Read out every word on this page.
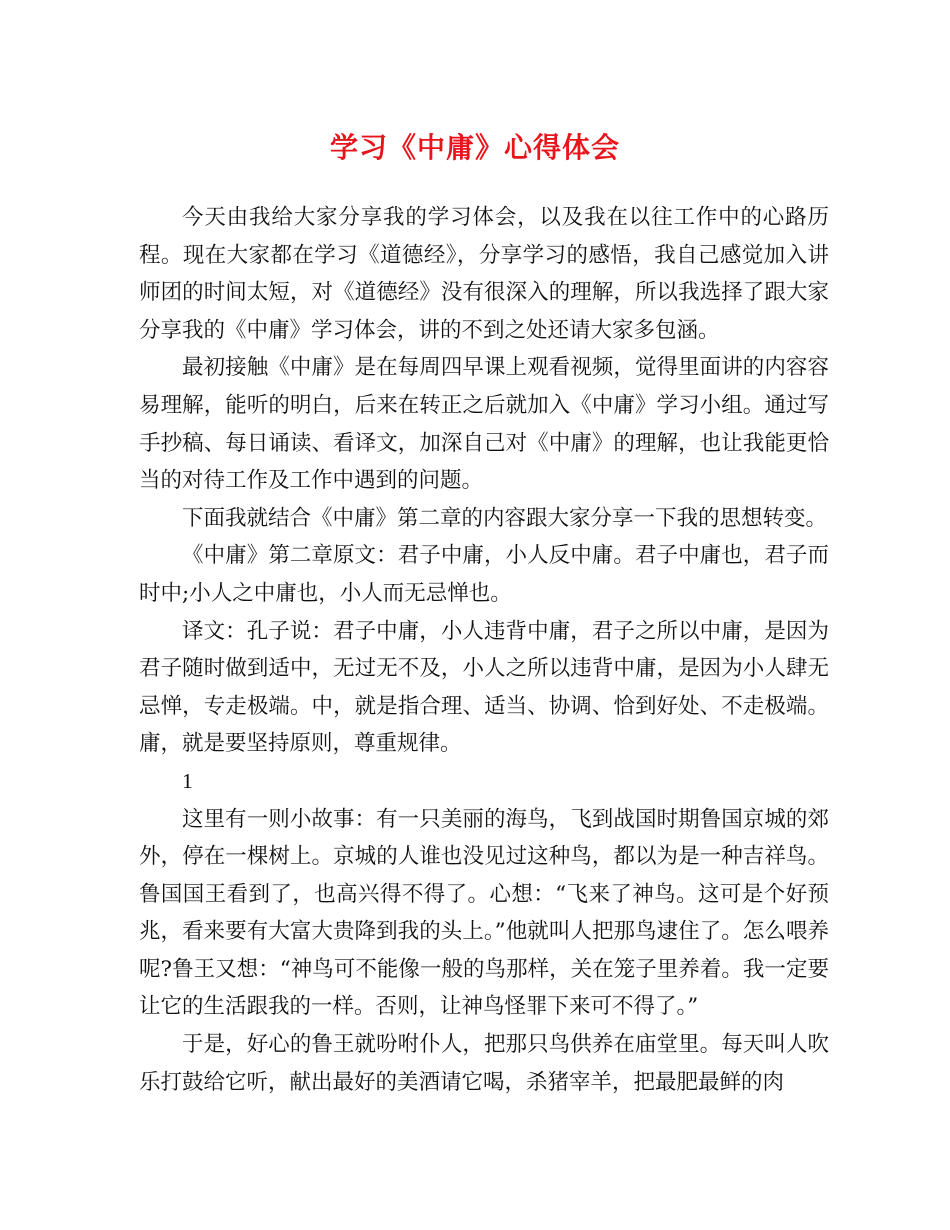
学习《中庸》心得体会

今天由我给大家分享我的学习体会，以及我在以往工作中的心路历程。现在大家都在学习《道德经》，分享学习的感悟，我自己感觉加入讲师团的时间太短，对《道德经》没有很深入的理解，所以我选择了跟大家分享我的《中庸》学习体会，讲的不到之处还请大家多包涵。

最初接触《中庸》是在每周四早课上观看视频，觉得里面讲的内容容易理解，能听的明白，后来在转正之后就加入《中庸》学习小组。通过写手抄稿、每日诵读、看译文，加深自己对《中庸》的理解，也让我能更恰当的对待工作及工作中遇到的问题。

下面我就结合《中庸》第二章的内容跟大家分享一下我的思想转变。

《中庸》第二章原文：君子中庸，小人反中庸。君子中庸也，君子而时中;小人之中庸也，小人而无忌惮也。

译文：孔子说：君子中庸，小人违背中庸，君子之所以中庸，是因为君子随时做到适中，无过无不及，小人之所以违背中庸，是因为小人肆无忌惮，专走极端。中，就是指合理、适当、协调、恰到好处、不走极端。庸，就是要坚持原则，尊重规律。

1

这里有一则小故事：有一只美丽的海鸟，飞到战国时期鲁国京城的郊外，停在一棵树上。京城的人谁也没见过这种鸟，都以为是一种吉祥鸟。鲁国国王看到了，也高兴得不得了。心想：“飞来了神鸟。这可是个好预兆，看来要有大富大贵降到我的头上。”他就叫人把那鸟逮住了。怎么喂养呢?鲁王又想：“神鸟可不能像一般的鸟那样，关在笼子里养着。我一定要让它的生活跟我的一样。否则，让神鸟怪罪下来可不得了。”

于是，好心的鲁王就吩咐仆人，把那只鸟供养在庙堂里。每天叫人吹乐打鼓给它听，献出最好的美酒请它喝，杀猪宰羊，把最肥最鲜的肉
